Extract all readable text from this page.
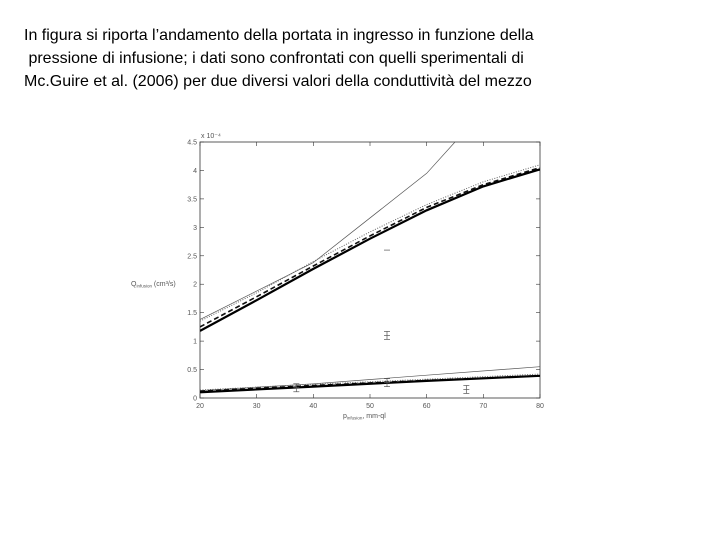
In figura si riporta l’andamento della portata in ingresso in funzione della
pressione di infusione; i dati sono confrontati con quelli sperimentali di
Mc.Guire et al. (2006) per due diversi valori della conduttività del mezzo
20	30	40	50	60	70	80
0
0.5
1
1.5
2
2.5
3
3.5
4
4.5
x 10⁻⁴
$Q_{infusion}$ (cm³/s)
$p_{infusion}$, mm-ql
